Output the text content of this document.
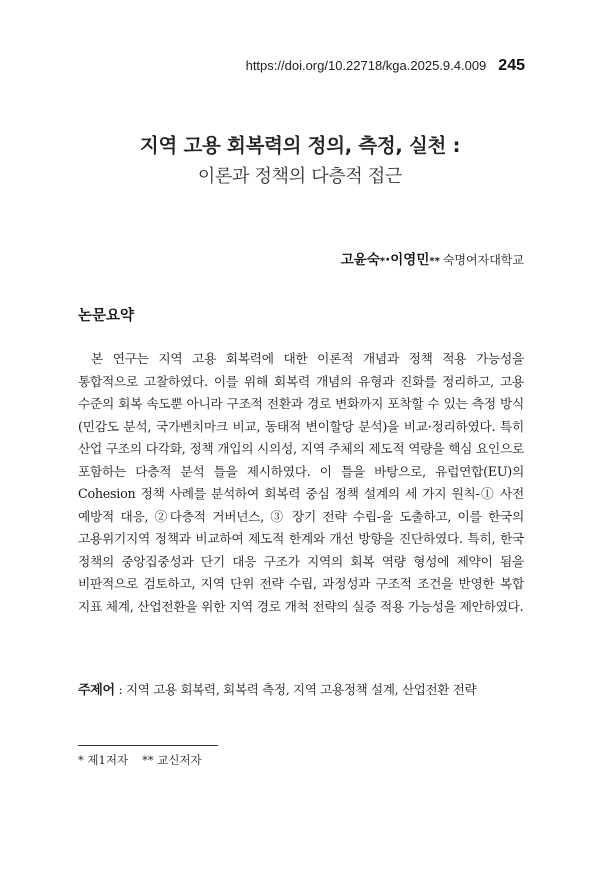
https://doi.org/10.22718/kga.2025.9.4.009 245
지역 고용 회복력의 정의, 측정, 실천 :
이론과 정책의 다층적 접근
고윤숙 * · 이영민 ** 숙명여자대학교
논문요약

본 연구는 지역 고용 회복력에 대한 이론적 개념과 정책 적용 가능성을 통합적으로 고찰하였다. 이를 위해 회복력 개념의 유형과 진화를 정리하고, 고용 수준의 회복 속도뿐 아니라 구조적 전환과 경로 변화까지 포착할 수 있는 측정 방식(민감도 분석, 국가벤치마크 비교, 동태적 변이할당 분석)을 비교·정리하였다. 특히 산업 구조의 다각화, 정책 개입의 시의성, 지역 주체의 제도적 역량을 핵심 요인으로 포함하는 다층적 분석 틀을 제시하였다. 이 틀을 바탕으로, 유럽연합(EU)의 Cohesion 정책 사례를 분석하여 회복력 중심 정책 설계의 세 가지 원칙-① 사전 예방적 대응, ②다층적 거버넌스, ③ 장기 전략 수립-을 도출하고, 이를 한국의 고용위기지역 정책과 비교하여 제도적 한계와 개선 방향을 진단하였다. 특히, 한국 정책의 중앙집중성과 단기 대응 구조가 지역의 회복 역량 형성에 제약이 됨을 비판적으로 검토하고, 지역 단위 전략 수립, 과정성과 구조적 조건을 반영한 복합 지표 체계, 산업전환을 위한 지역 경로 개척 전략의 실증 적용 가능성을 제안하였다.

주제어 : 지역 고용 회복력, 회복력 측정, 지역 고용정책 설계, 산업전환 전략
* 제1저자 ** 교신저자
